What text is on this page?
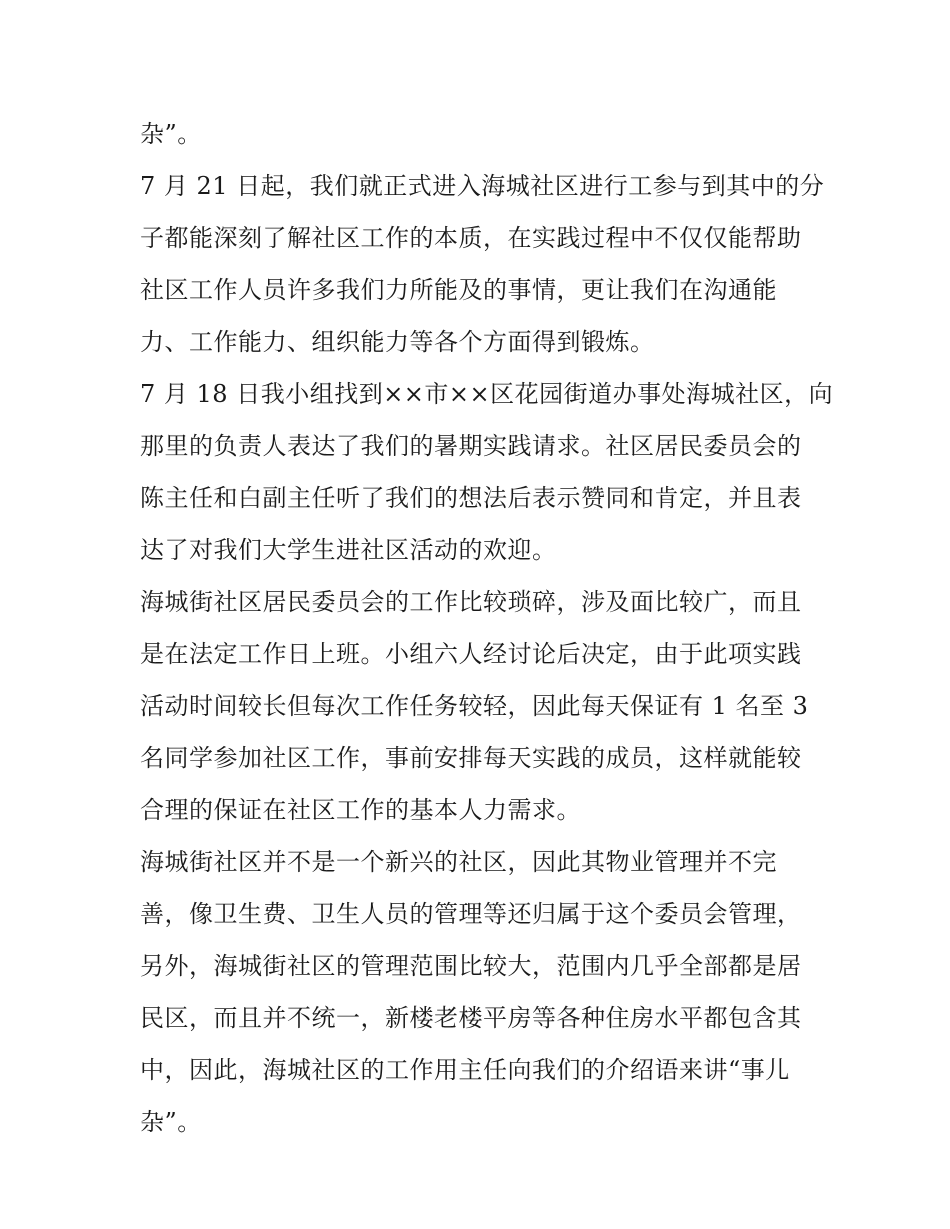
杂”。
7 月 21 日起，我们就正式进入海城社区进行工参与到其中的分
子都能深刻了解社区工作的本质，在实践过程中不仅仅能帮助
社区工作人员许多我们力所能及的事情，更让我们在沟通能
力、工作能力、组织能力等各个方面得到锻炼。
7 月 18 日我小组找到××市××区花园街道办事处海城社区，向
那里的负责人表达了我们的暑期实践请求。社区居民委员会的
陈主任和白副主任听了我们的想法后表示赞同和肯定，并且表
达了对我们大学生进社区活动的欢迎。
海城街社区居民委员会的工作比较琐碎，涉及面比较广，而且
是在法定工作日上班。小组六人经讨论后决定，由于此项实践
活动时间较长但每次工作任务较轻，因此每天保证有 1 名至 3
名同学参加社区工作，事前安排每天实践的成员，这样就能较
合理的保证在社区工作的基本人力需求。
海城街社区并不是一个新兴的社区，因此其物业管理并不完
善，像卫生费、卫生人员的管理等还归属于这个委员会管理，
另外，海城街社区的管理范围比较大，范围内几乎全部都是居
民区，而且并不统一，新楼老楼平房等各种住房水平都包含其
中，因此，海城社区的工作用主任向我们的介绍语来讲“事儿
杂”。
